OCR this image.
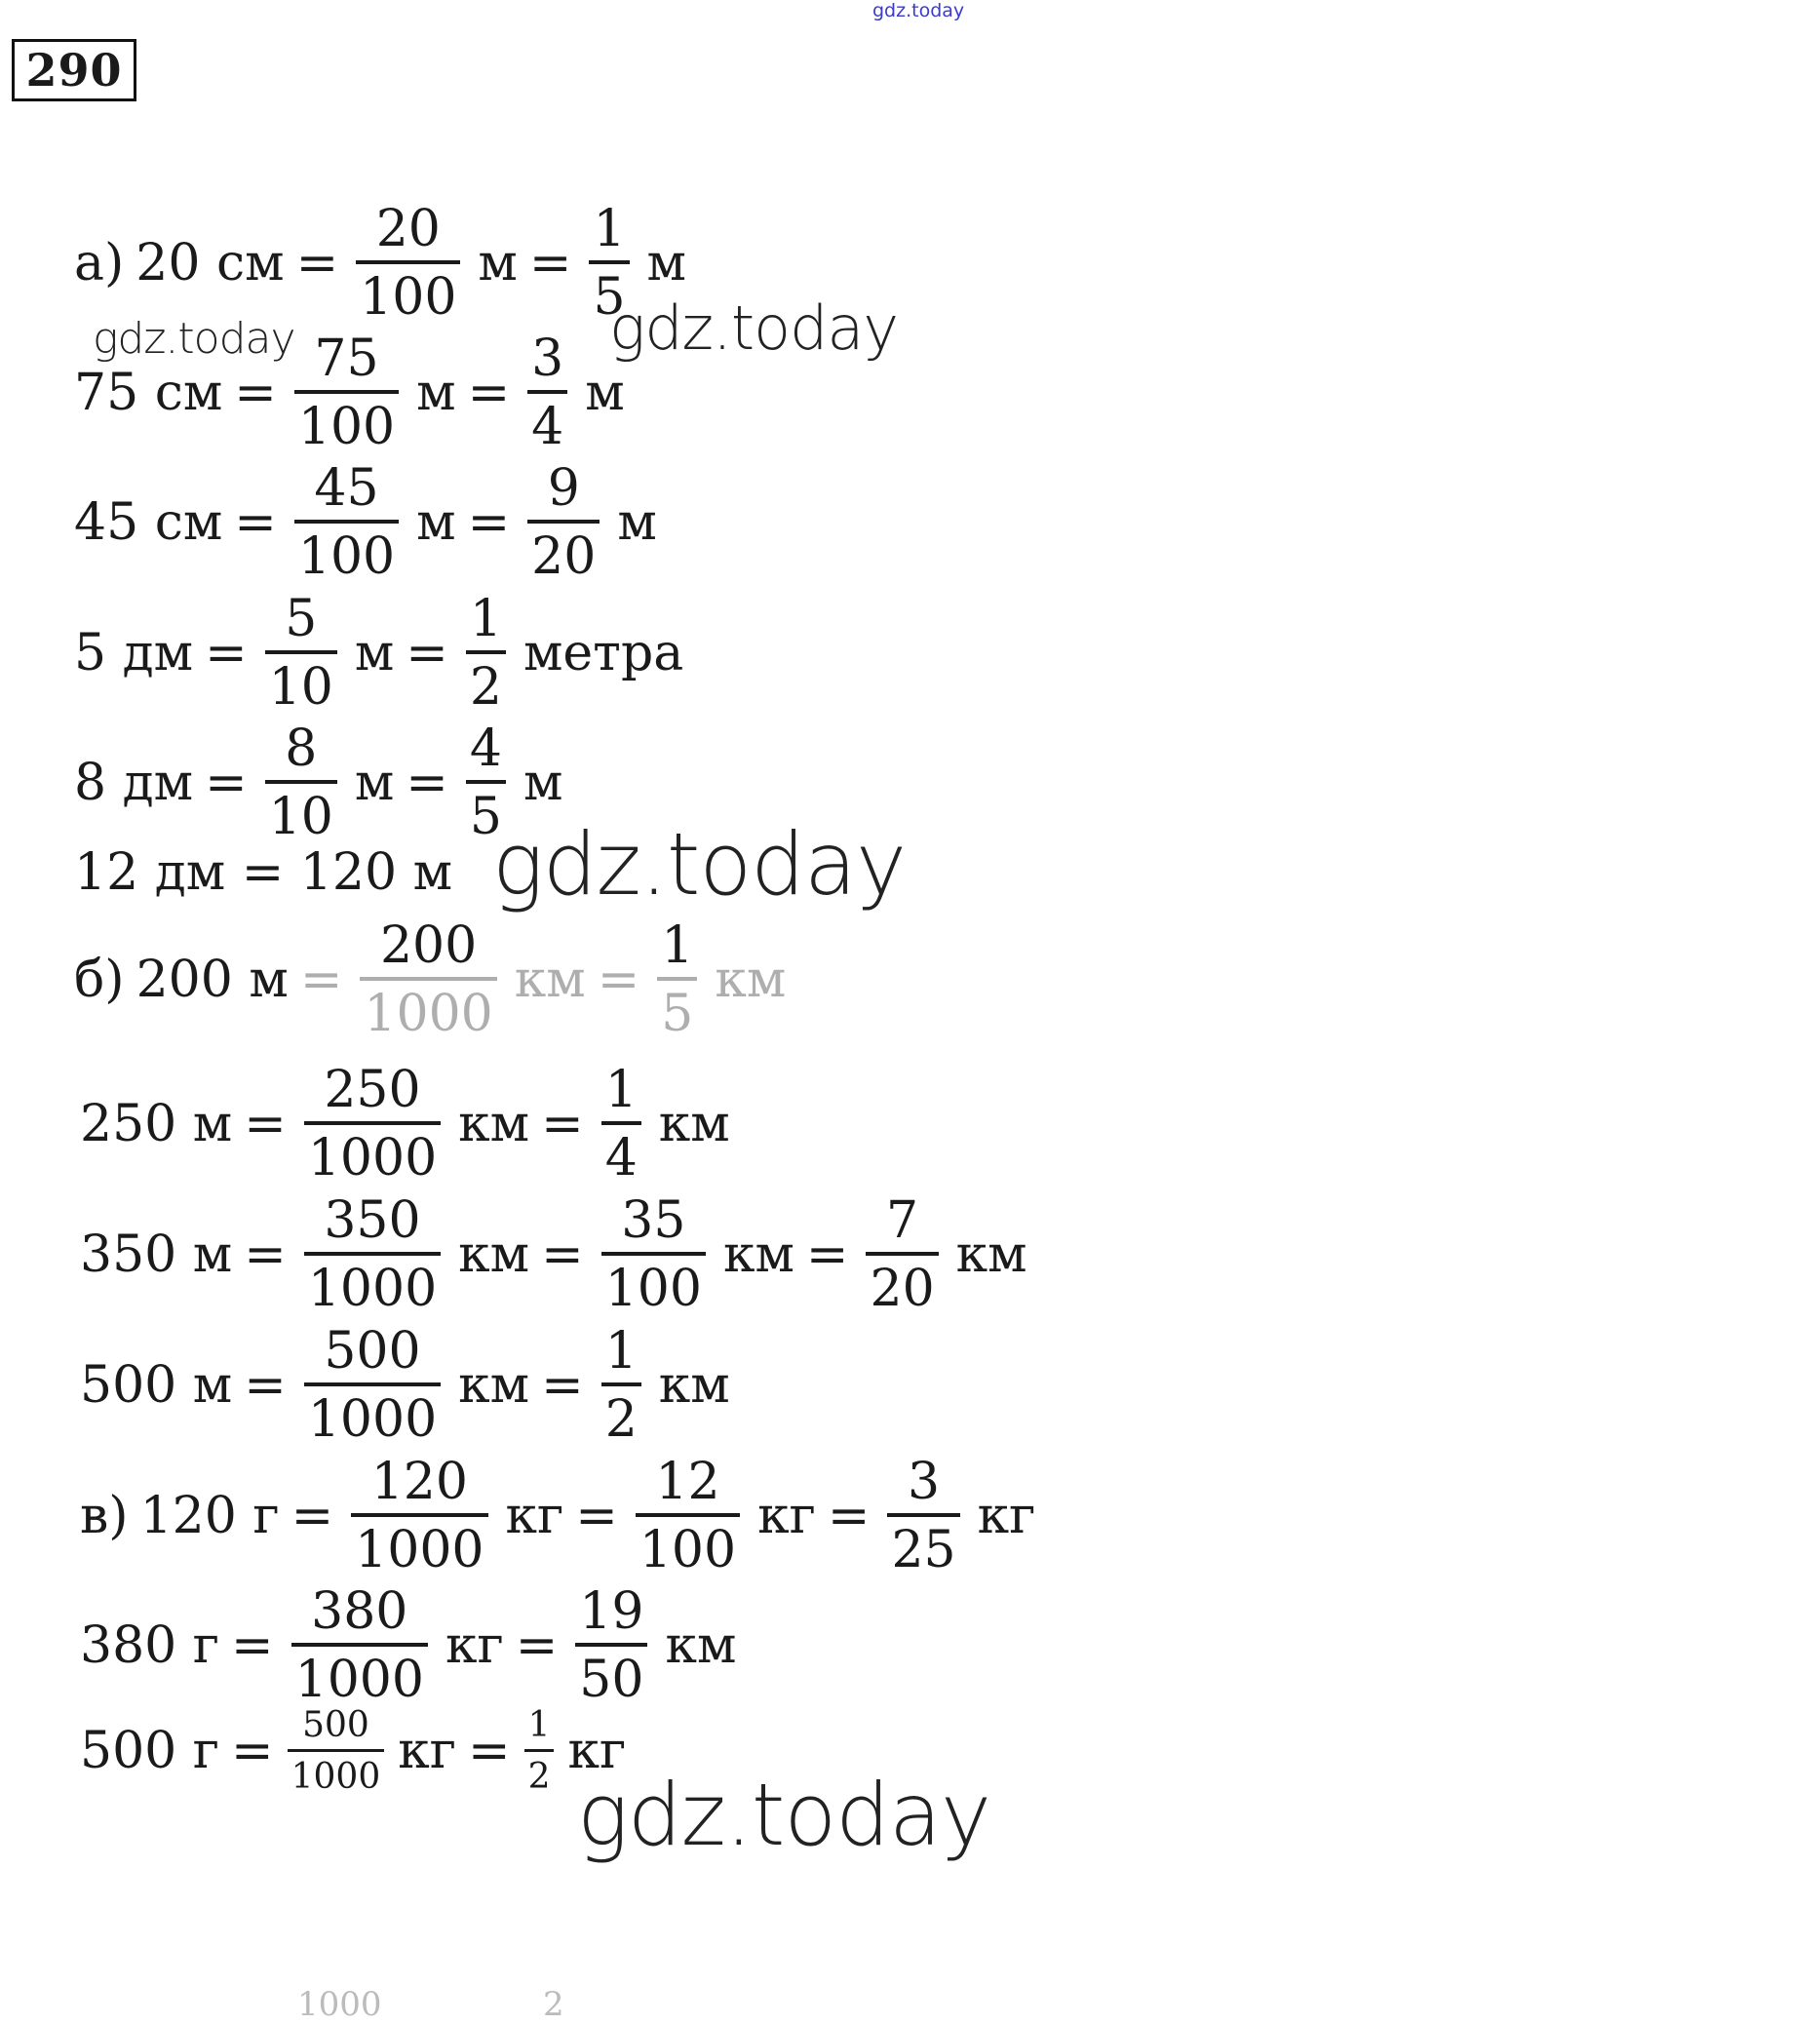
gdz.today
290
а) 20 см = $\frac{20}{100}$ $м = \frac{1}{5}$ м
75 см = $\frac{75}{100}$ $м = \frac{3}{4}$ м
45 см = $\frac{45}{100}$ $м = \frac{9}{20}$ м
5 дм = $\frac{5}{10}$ $м = \frac{1}{2}$ метра
8 дм = $\frac{8}{10}$ $м = \frac{4}{5}$ м
12 дм = 120 м
б) 200 $м = \frac{200}{1000}$ км = $\frac{1}{5}$ км
250 $м = \frac{250}{1000}$ км = $\frac{1}{4}$ км
350 $м = \frac{350}{1000}$ км = $\frac{35}{100}$ км = $\frac{7}{20}$ км
500 $м = \frac{500}{1000}$ км = $\frac{1}{2}$ км
в) 120 $г = \frac{120}{1000}$ кг = $\frac{12}{100}$ кг = $\frac{3}{25}$ кг
380 $г = \frac{380}{1000}$ кг = $\frac{19}{50}$ км
500 $г = \frac{500}{1000}$ кг = $\frac{1}{2}$ кг
gdz.today	gdz.today
gdz.today
gdz.today
1000	2
